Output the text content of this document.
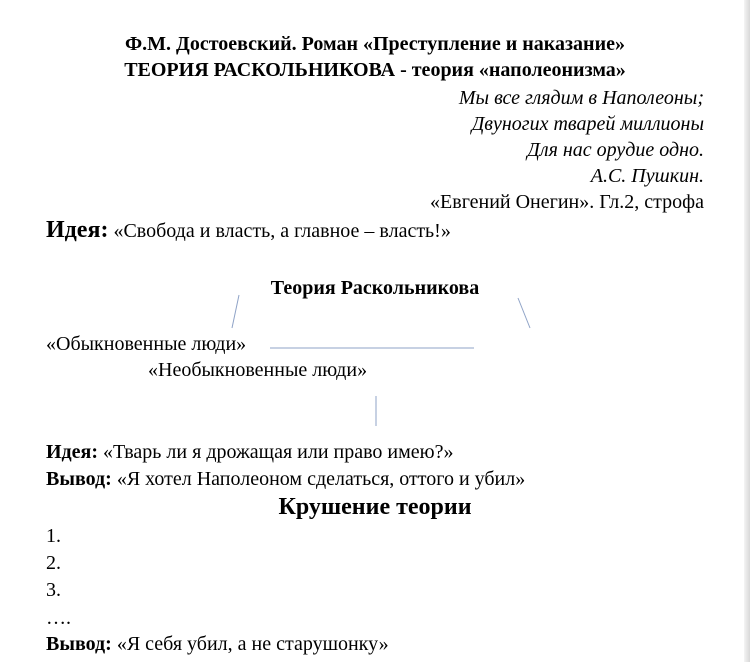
Ф.М. Достоевский. Роман «Преступление и наказание»
ТЕОРИЯ РАСКОЛЬНИКОВА - теория «наполеонизма»
Мы все глядим в Наполеоны;
Двуногих тварей миллионы
Для нас орудие одно.
А.С. Пушкин.
«Евгений Онегин». Гл.2, строфа
Идея: «Свобода и власть, а главное – власть!»
Теория Раскольникова
«Обыкновенные люди»
«Необыкновенные люди»
Идея: «Тварь ли я дрожащая или право имею?»
Вывод: «Я хотел Наполеоном сделаться, оттого и убил»
Крушение теории
1.
2.
3.
….
Вывод: «Я себя убил, а не старушонку»
